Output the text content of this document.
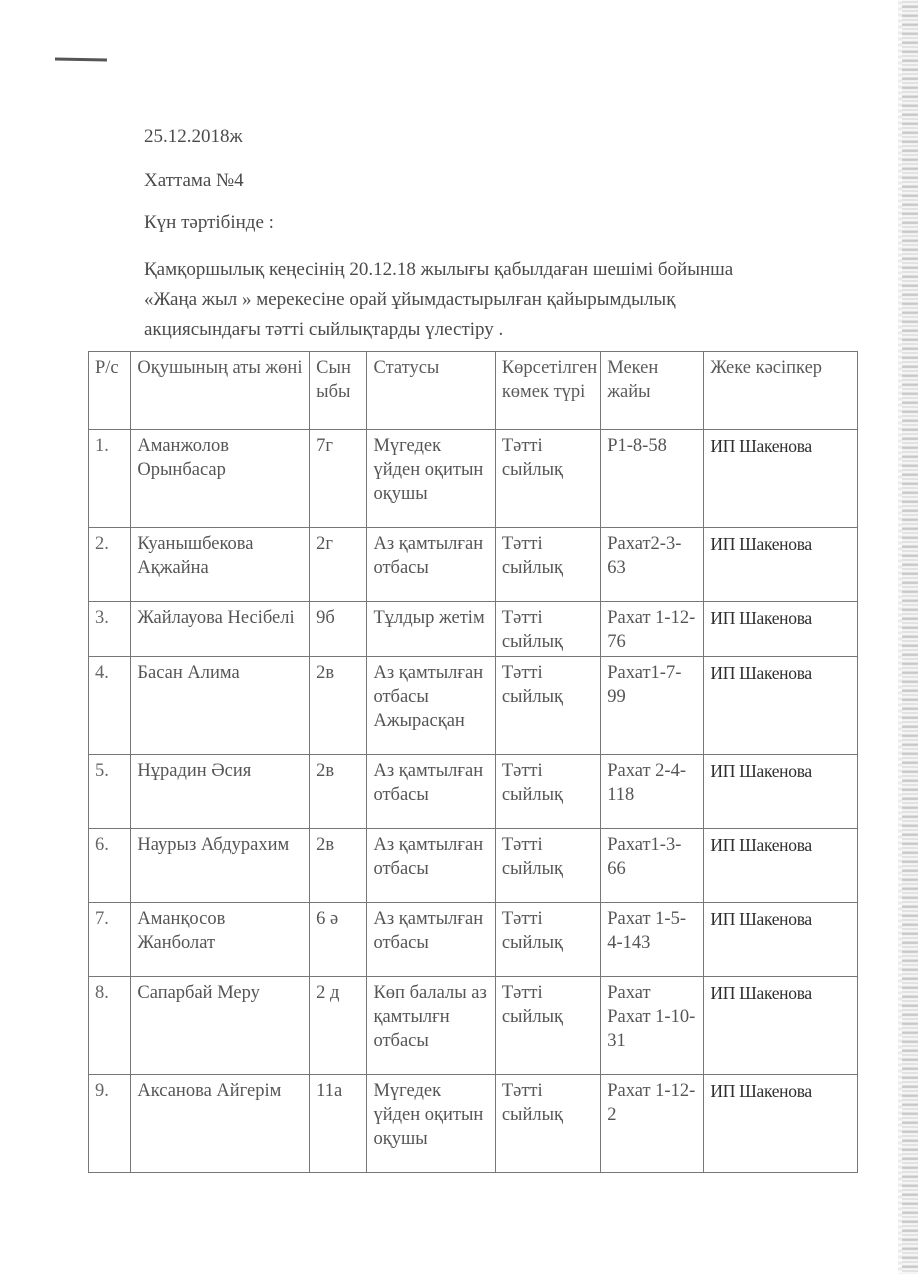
25.12.2018ж
Хаттама №4
Күн тәртібінде :
Қамқоршылық кеңесінің 20.12.18 жылығы қабылдаған шешімі бойынша
«Жаңа жыл » мерекесіне орай ұйымдастырылған қайырымдылық
акциясындағы тәтті сыйлықтарды үлестіру .
Р/с	Оқушының аты жөні	Сын ыбы	Статусы	Көрсетілген көмек түрі	Мекен жайы	Жеке кәсіпкер
1.	Аманжолов Орынбасар	7г	Мүгедек үйден оқитын оқушы	Тәтті сыйлық	Р1-8-58	ИП Шакенова
2.	Куанышбекова Ақжайна	2г	Аз қамтылған отбасы	Тәтті сыйлық	Рахат2-3-63	ИП Шакенова
3.	Жайлауова Несібелі	9б	Тұлдыр жетім	Тәтті сыйлық	Рахат 1-12-76	ИП Шакенова
4.	Басан Алима	2в	Аз қамтылған отбасы Ажырасқан	Тәтті сыйлық	Рахат1-7-99	ИП Шакенова
5.	Нұрадин Әсия	2в	Аз қамтылған отбасы	Тәтті сыйлық	Рахат 2-4-118	ИП Шакенова
6.	Наурыз Абдурахим	2в	Аз қамтылған отбасы	Тәтті сыйлық	Рахат1-3-66	ИП Шакенова
7.	Аманқосов Жанболат	6 ә	Аз қамтылған отбасы	Тәтті сыйлық	Рахат 1-5-4-143	ИП Шакенова
8.	Сапарбай Меру	2 д	Көп балалы аз қамтылғн отбасы	Тәтті сыйлық	Рахат Рахат 1-10-31	ИП Шакенова
9.	Аксанова Айгерім	11а	Мүгедек үйден оқитын оқушы	Тәтті сыйлық	Рахат 1-12-2	ИП Шакенова
